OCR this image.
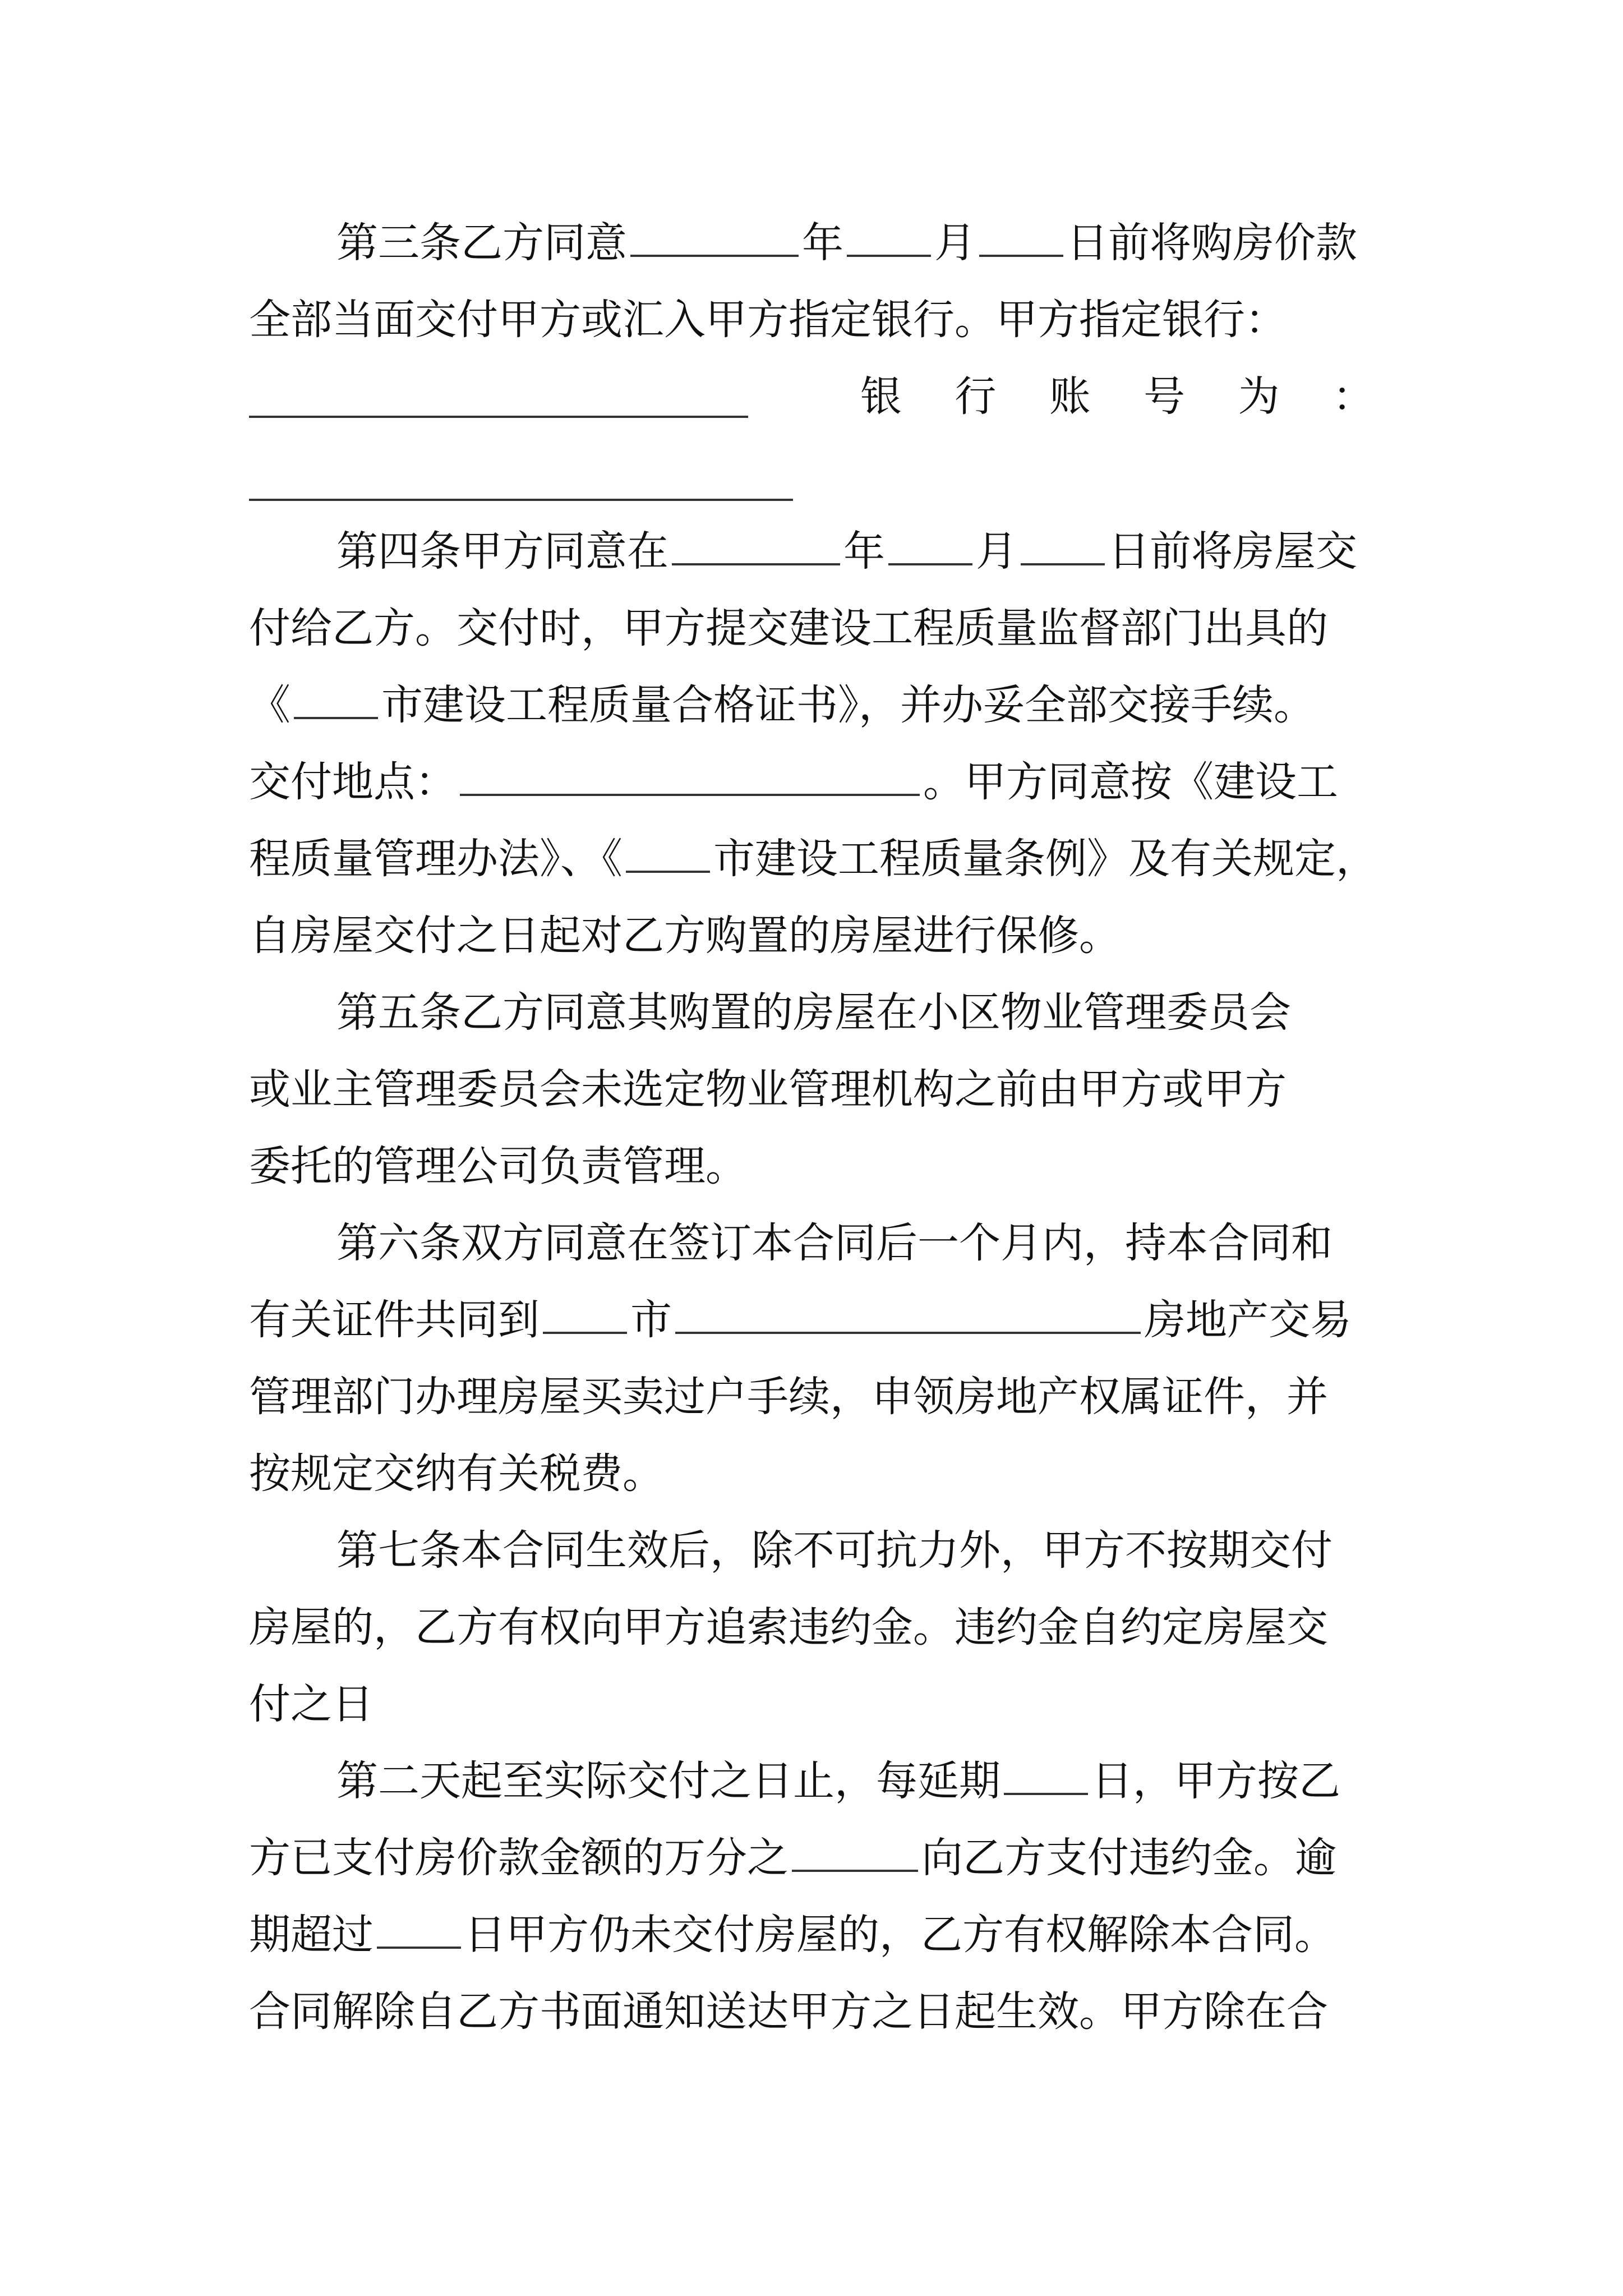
第三条乙方同意	年 月 日前将购房价款
全部当面交付甲方或汇入甲方指定银行。甲方指定银行：
银 行 账 号 为 ：
第四条甲方同意在	年 月 日前将房屋交
付给乙方。交付时，甲方提交建设工程质量监督部门出具的
《 市建设工程质量合格证书》，并办妥全部交接手续。
交付地点：	。甲方同意按《建设工
程质量管理办法》、《 市建设工程质量条例》及有关规定，
自房屋交付之日起对乙方购置的房屋进行保修。
第五条乙方同意其购置的房屋在小区物业管理委员会
或业主管理委员会未选定物业管理机构之前由甲方或甲方
委托的管理公司负责管理。
第六条双方同意在签订本合同后一个月内，持本合同和
有关证件共同到 市	房地产交易
管理部门办理房屋买卖过户手续，申领房地产权属证件，并
按规定交纳有关税费。
第七条本合同生效后，除不可抗力外，甲方不按期交付
房屋的，乙方有权向甲方追索违约金。违约金自约定房屋交
付之日
第二天起至实际交付之日止，每延期 日，甲方按乙
方已支付房价款金额的万分之	向乙方支付违约金。逾
期超过 日甲方仍未交付房屋的，乙方有权解除本合同。
合同解除自乙方书面通知送达甲方之日起生效。甲方除在合
